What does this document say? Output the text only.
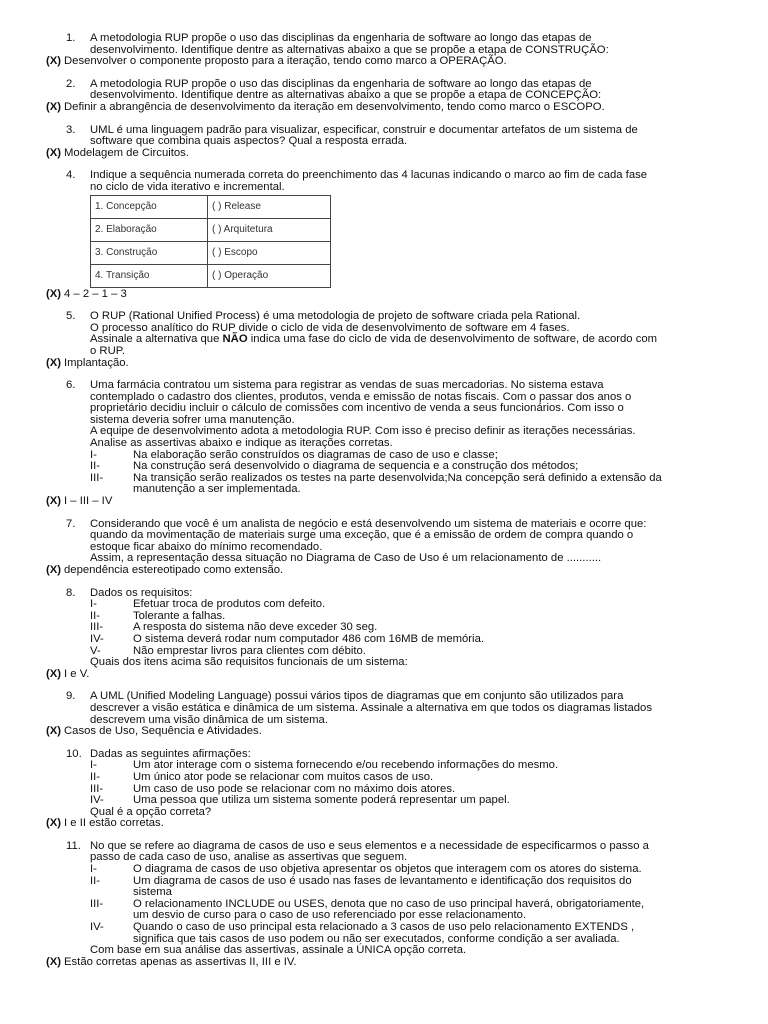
1. A metodologia RUP propõe o uso das disciplinas da engenharia de software ao longo das etapas de
desenvolvimento. Identifique dentre as alternativas abaixo a que se propõe a etapa de CONSTRUÇÃO:
(X) Desenvolver o componente proposto para a iteração, tendo como marco a OPERAÇÃO.
2. A metodologia RUP propõe o uso das disciplinas da engenharia de software ao longo das etapas de
desenvolvimento. Identifique dentre as alternativas abaixo a que se propõe a etapa de CONCEPÇÃO:
(X) Definir a abrangência de desenvolvimento da iteração em desenvolvimento, tendo como marco o ESCOPO.
3. UML é uma linguagem padrão para visualizar, especificar, construir e documentar artefatos de um sistema de
software que combina quais aspectos? Qual a resposta errada.
(X) Modelagem de Circuitos.
4. Indique a sequência numerada correta do preenchimento das 4 lacunas indicando o marco ao fim de cada fase
no ciclo de vida iterativo e incremental.
1. Concepção	( ) Release
2. Elaboração	( ) Arquitetura
3. Construção	( ) Escopo
4. Transição	( ) Operação
(X) 4 – 2 – 1 – 3
5. O RUP (Rational Unified Process) é uma metodologia de projeto de software criada pela Rational.
O processo analítico do RUP divide o ciclo de vida de desenvolvimento de software em 4 fases.
Assinale a alternativa que NÃO indica uma fase do ciclo de vida de desenvolvimento de software, de acordo com
o RUP.
(X) Implantação.
6. Uma farmácia contratou um sistema para registrar as vendas de suas mercadorias. No sistema estava
contemplado o cadastro dos clientes, produtos, venda e emissão de notas fiscais. Com o passar dos anos o
proprietário decidiu incluir o cálculo de comissões com incentivo de venda a seus funcionários. Com isso o
sistema deveria sofrer uma manutenção.
A equipe de desenvolvimento adota a metodologia RUP. Com isso é preciso definir as iterações necessárias.
Analise as assertivas abaixo e indique as iterações corretas.
I-	Na elaboração serão construídos os diagramas de caso de uso e classe;
II-	Na construção será desenvolvido o diagrama de sequencia e a construção dos métodos;
III-	Na transição serão realizados os testes na parte desenvolvida;Na concepção será definido a extensão da
manutenção a ser implementada.
(X) I – III – IV
7. Considerando que você é um analista de negócio e está desenvolvendo um sistema de materiais e ocorre que:
quando da movimentação de materiais surge uma exceção, que é a emissão de ordem de compra quando o
estoque ficar abaixo do mínimo recomendado.
Assim, a representação dessa situação no Diagrama de Caso de Uso é um relacionamento de ...........
(X) dependência estereotipado como extensão.
8. Dados os requisitos:
I-	Efetuar troca de produtos com defeito.
II-	Tolerante a falhas.
III-	A resposta do sistema não deve exceder 30 seg.
IV-	O sistema deverá rodar num computador 486 com 16MB de memória.
V-	Não emprestar livros para clientes com débito.
Quais dos itens acima são requisitos funcionais de um sistema:
(X) I e V.
9. A UML (Unified Modeling Language) possui vários tipos de diagramas que em conjunto são utilizados para
descrever a visão estática e dinâmica de um sistema. Assinale a alternativa em que todos os diagramas listados
descrevem uma visão dinâmica de um sistema.
(X) Casos de Uso, Sequência e Atividades.
10. Dadas as seguintes afirmações:
I-	Um ator interage com o sistema fornecendo e/ou recebendo informações do mesmo.
II-	Um único ator pode se relacionar com muitos casos de uso.
III-	Um caso de uso pode se relacionar com no máximo dois atores.
IV-	Uma pessoa que utiliza um sistema somente poderá representar um papel.
Qual é a opção correta?
(X) I e II estão corretas.
11. No que se refere ao diagrama de casos de uso e seus elementos e a necessidade de especificarmos o passo a
passo de cada caso de uso, analise as assertivas que seguem.
I-	O diagrama de casos de uso objetiva apresentar os objetos que interagem com os atores do sistema.
II-	Um diagrama de casos de uso é usado nas fases de levantamento e identificação dos requisitos do
sistema
III-	O relacionamento INCLUDE ou USES, denota que no caso de uso principal haverá, obrigatoriamente,
um desvio de curso para o caso de uso referenciado por esse relacionamento.
IV-	Quando o caso de uso principal esta relacionado a 3 casos de uso pelo relacionamento EXTENDS ,
significa que tais casos de uso podem ou não ser executados, conforme condição a ser avaliada.
Com base em sua análise das assertivas, assinale a ÚNICA opção correta.
(X) Estão corretas apenas as assertivas II, III e IV.
